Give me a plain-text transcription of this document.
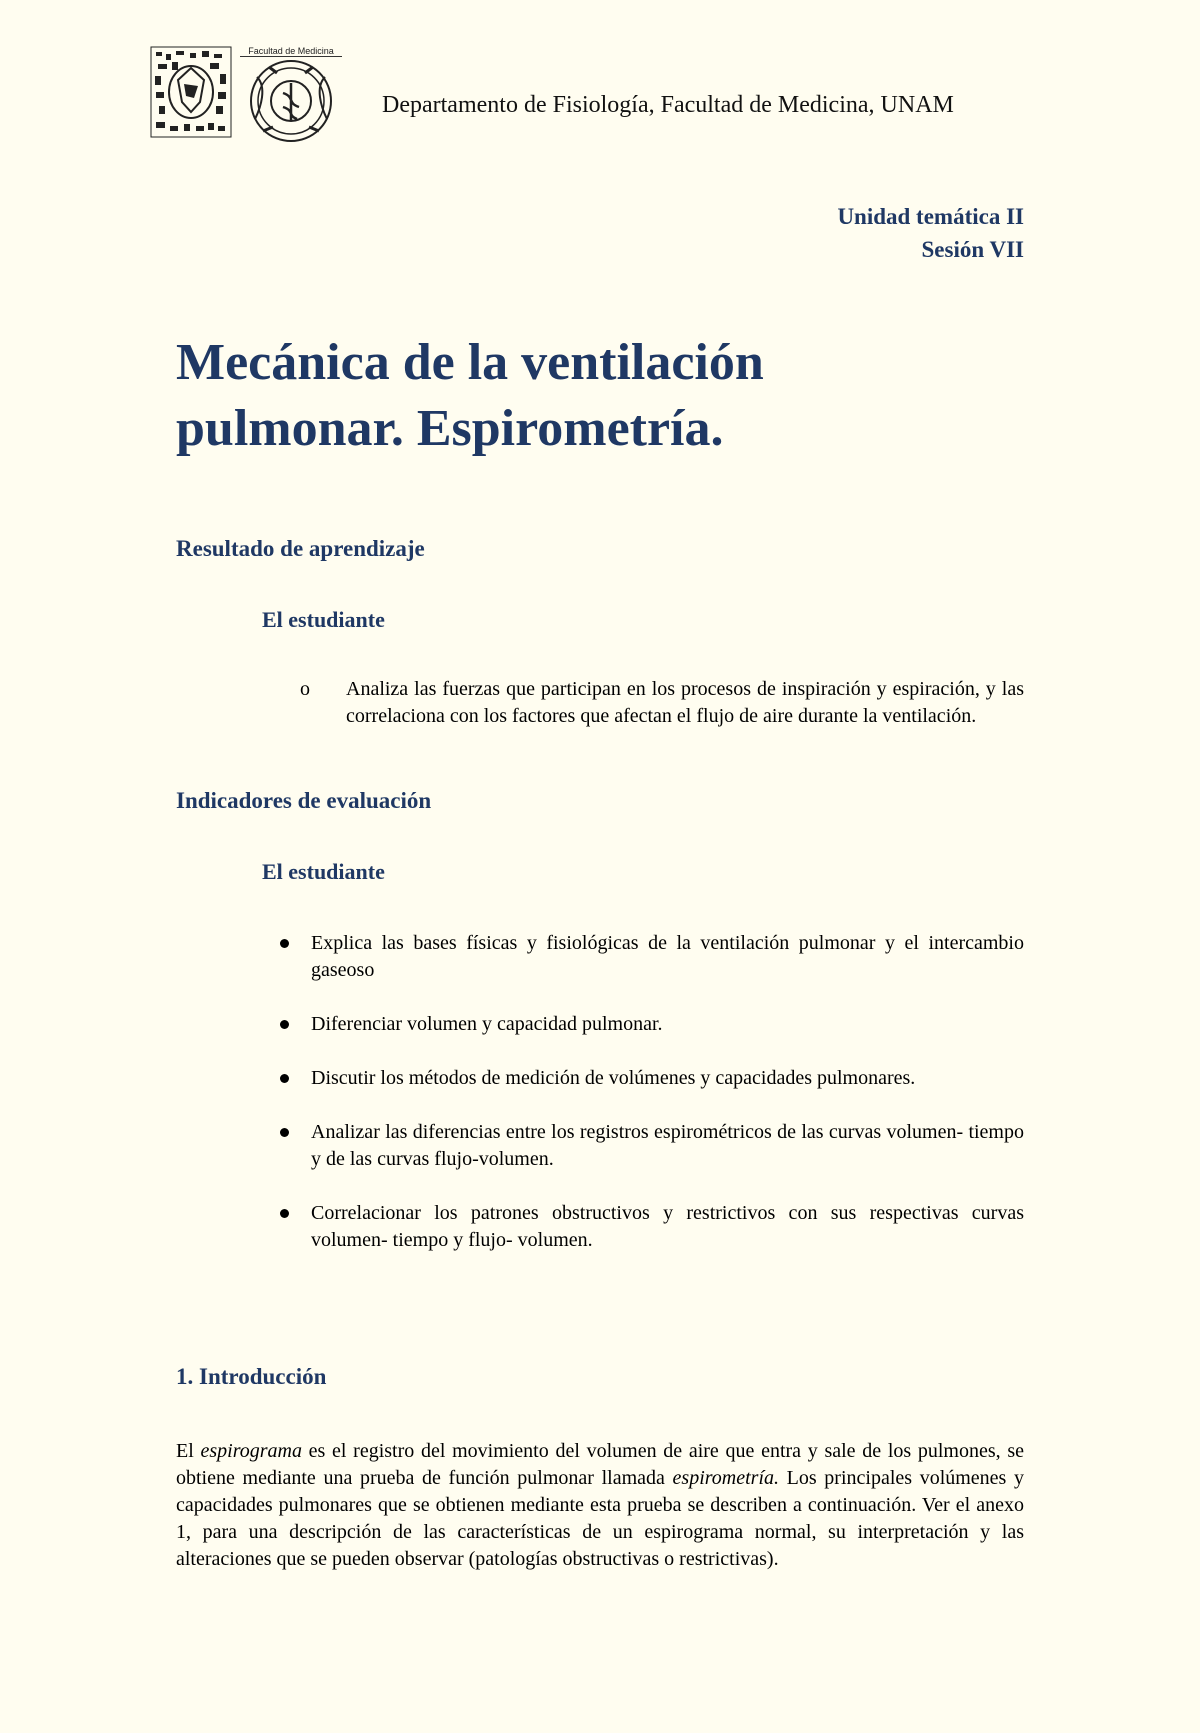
Facultad de Medicina
Departamento de Fisiología, Facultad de Medicina, UNAM
Unidad temática II
Sesión VII
Mecánica de la ventilación
pulmonar. Espirometría.
Resultado de aprendizaje
El estudiante
o Analiza las fuerzas que participan en los procesos de inspiración y espiración, y las correlaciona con los factores que afectan el flujo de aire durante la ventilación.
Indicadores de evaluación
El estudiante
Explica las bases físicas y fisiológicas de la ventilación pulmonar y el intercambio gaseoso
Diferenciar volumen y capacidad pulmonar.
Discutir los métodos de medición de volúmenes y capacidades pulmonares.
Analizar las diferencias entre los registros espirométricos de las curvas volumen- tiempo y de las curvas flujo-volumen.
Correlacionar los patrones obstructivos y restrictivos con sus respectivas curvas volumen- tiempo y flujo- volumen.
1. Introducción

El espirograma es el registro del movimiento del volumen de aire que entra y sale de los pulmones, se obtiene mediante una prueba de función pulmonar llamada espirometría. Los principales volúmenes y capacidades pulmonares que se obtienen mediante esta prueba se describen a continuación. Ver el anexo 1, para una descripción de las características de un espirograma normal, su interpretación y las alteraciones que se pueden observar (patologías obstructivas o restrictivas).
